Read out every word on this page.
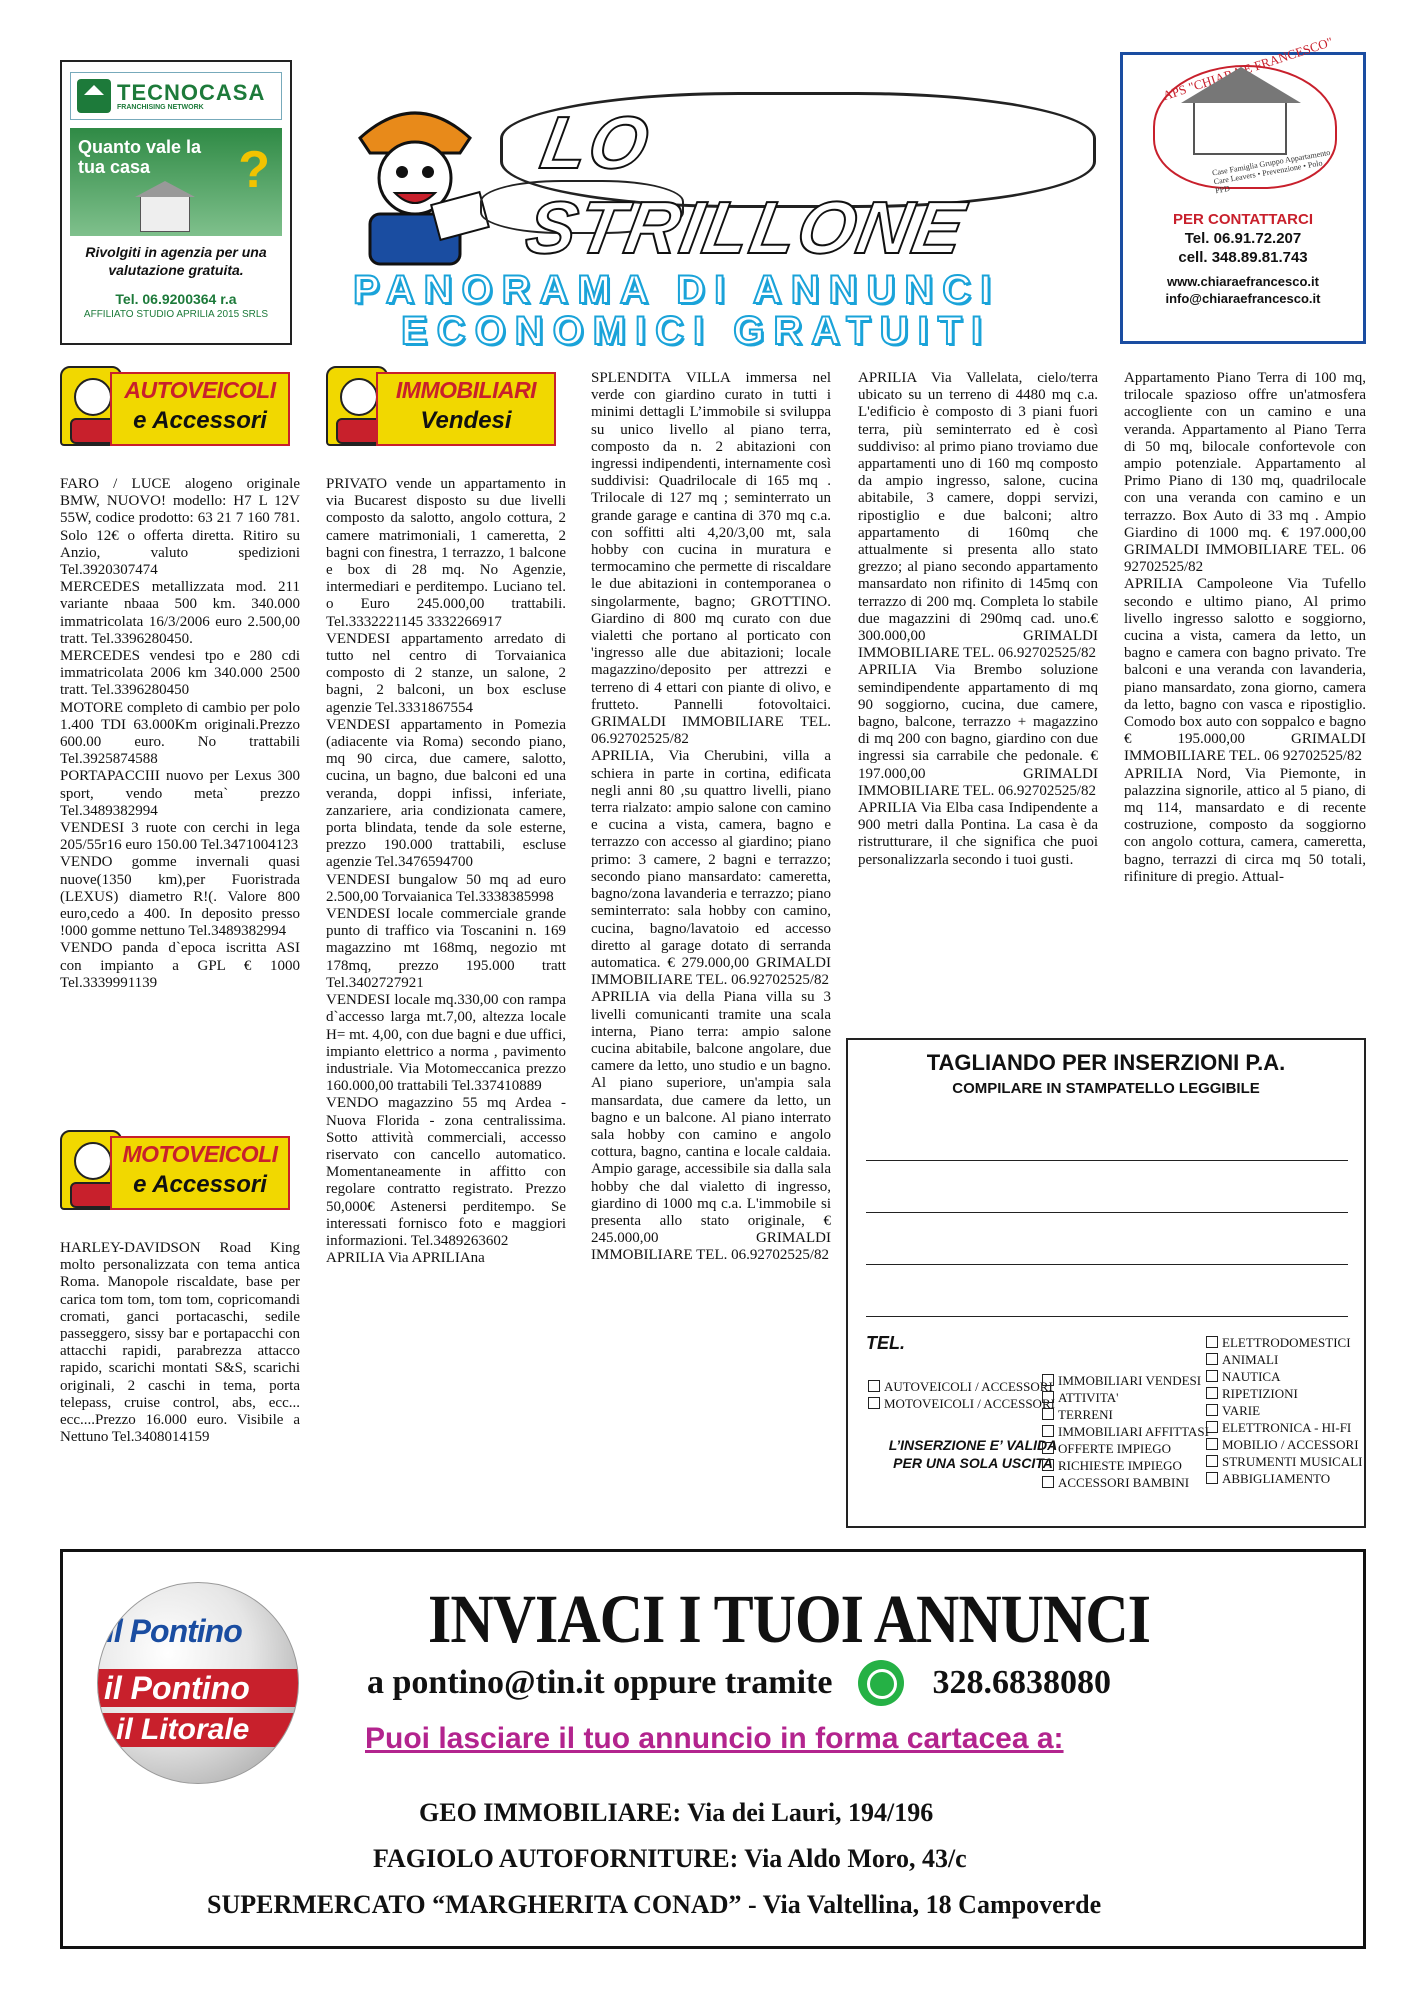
TECNOCASA
FRANCHISING NETWORK
Quanto vale la tua casa	?
Rivolgiti in agenzia per una valutazione gratuita.
Tel. 06.9200364 r.a
AFFILIATO STUDIO APRILIA 2015 SRLS
LO STRILLONE
PANORAMA DI ANNUNCI
ECONOMICI GRATUITI
APS "CHIARA E FRANCESCO"
Case Famiglia Gruppo Appartamento Care Leavers • Prevenzione • Polo PPD
PER CONTATTARCI
Tel. 06.91.72.207
cell. 348.89.81.743
www.chiaraefrancesco.it
info@chiaraefrancesco.it
AUTOVEICOLI
e Accessori
IMMOBILIARI
Vendesi
MOTOVEICOLI
e Accessori

FARO / LUCE alogeno originale BMW, NUOVO! modello: H7 L 12V 55W, codice prodotto: 63 21 7 160 781. Solo 12€ o offerta diretta. Ritiro su Anzio, valuto spedizioni Tel.3920307474

MERCEDES metallizzata mod. 211 variante nbaaa 500 km. 340.000 immatricolata 16/3/2006 euro 2.500,00 tratt. Tel.3396280450.

MERCEDES vendesi tpo e 280 cdi immatricolata 2006 km 340.000 2500 tratt. Tel.3396280450

MOTORE completo di cambio per polo 1.400 TDI 63.000Km originali.Prezzo 600.00 euro. No trattabili Tel.3925874588

PORTAPACCIII nuovo per Lexus 300 sport, vendo meta` prezzo Tel.3489382994

VENDESI 3 ruote con cerchi in lega 205/55r16 euro 150.00 Tel.3471004123

VENDO gomme invernali quasi nuove(1350 km),per Fuoristrada (LEXUS) diametro R!(. Valore 800 euro,cedo a 400. In deposito presso !000 gomme nettuno Tel.3489382994

VENDO panda d`epoca iscritta ASI con impianto a GPL € 1000 Tel.3339991139

HARLEY-DAVIDSON Road King molto personalizzata con tema antica Roma. Manopole riscaldate, base per carica tom tom, tom tom, copricomandi cromati, ganci portacaschi, sedile passeggero, sissy bar e portapacchi con attacchi rapidi, parabrezza attacco rapido, scarichi montati S&S, scarichi originali, 2 caschi in tema, porta telepass, cruise control, abs, ecc... ecc....Prezzo 16.000 euro. Visibile a Nettuno Tel.3408014159

PRIVATO vende un appartamento in via Bucarest disposto su due livelli composto da salotto, angolo cottura, 2 camere matrimoniali, 1 cameretta, 2 bagni con finestra, 1 terrazzo, 1 balcone e box di 28 mq. No Agenzie, intermediari e perditempo. Luciano tel. o Euro 245.000,00 trattabili. Tel.3332221145 3332266917

VENDESI appartamento arredato di tutto nel centro di Torvaianica composto di 2 stanze, un salone, 2 bagni, 2 balconi, un box escluse agenzie Tel.3331867554

VENDESI appartamento in Pomezia (adiacente via Roma) secondo piano, mq 90 circa, due camere, salotto, cucina, un bagno, due balconi ed una veranda, doppi infissi, inferiate, zanzariere, aria condizionata camere, porta blindata, tende da sole esterne, prezzo 190.000 trattabili, escluse agenzie Tel.3476594700

VENDESI bungalow 50 mq ad euro 2.500,00 Torvaianica Tel.3338385998

VENDESI locale commerciale grande punto di traffico via Toscanini n. 169 magazzino mt 168mq, negozio mt 178mq, prezzo 195.000 tratt Tel.3402727921

VENDESI locale mq.330,00 con rampa d`accesso larga mt.7,00, altezza locale H= mt. 4,00, con due bagni e due uffici, impianto elettrico a norma , pavimento industriale. Via Motomeccanica prezzo 160.000,00 trattabili Tel.337410889

VENDO magazzino 55 mq Ardea - Nuova Florida - zona centralissima. Sotto attività commerciali, accesso riservato con cancello automatico. Momentaneamente in affitto con regolare contratto registrato. Prezzo 50,000€ Astenersi perditempo. Se interessati fornisco foto e maggiori informazioni. Tel.3489263602

APRILIA Via APRILIAna

SPLENDITA VILLA immersa nel verde con giardino curato in tutti i minimi dettagli L’immobile si sviluppa su unico livello al piano terra, composto da n. 2 abitazioni con ingressi indipendenti, internamente così suddivisi: Quadrilocale di 165 mq . Trilocale di 127 mq ; seminterrato un grande garage e cantina di 370 mq c.a. con soffitti alti 4,20/3,00 mt, sala hobby con cucina in muratura e termocamino che permette di riscaldare le due abitazioni in contemporanea o singolarmente, bagno; GROTTINO. Giardino di 800 mq curato con due vialetti che portano al porticato con 'ingresso alle due abitazioni; locale magazzino/deposito per attrezzi e terreno di 4 ettari con piante di olivo, e frutteto. Pannelli fotovoltaici. GRIMALDI IMMOBILIARE TEL. 06.92702525/82

APRILIA, Via Cherubini, villa a schiera in parte in cortina, edificata negli anni 80 ,su quattro livelli, piano terra rialzato: ampio salone con camino e cucina a vista, camera, bagno e terrazzo con accesso al giardino; piano primo: 3 camere, 2 bagni e terrazzo; secondo piano mansardato: cameretta, bagno/zona lavanderia e terrazzo; piano seminterrato: sala hobby con camino, cucina, bagno/lavatoio ed accesso diretto al garage dotato di serranda automatica. € 279.000,00 GRIMALDI IMMOBILIARE TEL. 06.92702525/82

APRILIA via della Piana villa su 3 livelli comunicanti tramite una scala interna, Piano terra: ampio salone cucina abitabile, balcone angolare, due camere da letto, uno studio e un bagno. Al piano superiore, un'ampia sala mansardata, due camere da letto, un bagno e un balcone. Al piano interrato sala hobby con camino e angolo cottura, bagno, cantina e locale caldaia. Ampio garage, accessibile sia dalla sala hobby che dal vialetto di ingresso, giardino di 1000 mq c.a. L'immobile si presenta allo stato originale, € 245.000,00 GRIMALDI IMMOBILIARE TEL. 06.92702525/82

APRILIA Via Vallelata, cielo/terra ubicato su un terreno di 4480 mq c.a. L'edificio è composto di 3 piani fuori terra, più seminterrato ed è così suddiviso: al primo piano troviamo due appartamenti uno di 160 mq composto da ampio ingresso, salone, cucina abitabile, 3 camere, doppi servizi, ripostiglio e due balconi; altro appartamento di 160mq che attualmente si presenta allo stato grezzo; al piano secondo appartamento mansardato non rifinito di 145mq con terrazzo di 200 mq. Completa lo stabile due magazzini di 290mq cad. uno.€ 300.000,00 GRIMALDI IMMOBILIARE TEL. 06.92702525/82

APRILIA Via Brembo soluzione semindipendente appartamento di mq 90 soggiorno, cucina, due camere, bagno, balcone, terrazzo + magazzino di mq 200 con bagno, giardino con due ingressi sia carrabile che pedonale. € 197.000,00 GRIMALDI IMMOBILIARE TEL. 06.92702525/82

APRILIA Via Elba casa Indipendente a 900 metri dalla Pontina. La casa è da ristrutturare, il che significa che puoi personalizzarla secondo i tuoi gusti.

Appartamento Piano Terra di 100 mq, trilocale spazioso offre un'atmosfera accogliente con un camino e una veranda. Appartamento al Piano Terra di 50 mq, bilocale confortevole con ampio potenziale. Appartamento al Primo Piano di 130 mq, quadrilocale con una veranda con camino e un terrazzo. Box Auto di 33 mq . Ampio Giardino di 1000 mq. € 197.000,00 GRIMALDI IMMOBILIARE TEL. 06 92702525/82

APRILIA Campoleone Via Tufello secondo e ultimo piano, Al primo livello ingresso salotto e soggiorno, cucina a vista, camera da letto, un bagno e camera con bagno privato. Tre balconi e una veranda con lavanderia, piano mansardato, zona giorno, camera da letto, bagno con vasca e ripostiglio. Comodo box auto con soppalco e bagno € 195.000,00 GRIMALDI IMMOBILIARE TEL. 06 92702525/82

APRILIA Nord, Via Piemonte, in palazzina signorile, attico al 5 piano, di mq 114, mansardato e di recente costruzione, composto da soggiorno con angolo cottura, camera, cameretta, bagno, terrazzi di circa mq 50 totali, rifiniture di pregio. Attual-

TAGLIANDO PER INSERZIONI P.A.
COMPILARE IN STAMPATELLO LEGGIBILE
TEL.
AUTOVEICOLI / ACCESSORI
MOTOVEICOLI / ACCESSORI
L’INSERZIONE E’ VALIDA PER UNA SOLA USCITA
IMMOBILIARI VENDESI
ATTIVITA'
TERRENI
IMMOBILIARI AFFITTASI
OFFERTE IMPIEGO
RICHIESTE IMPIEGO
ACCESSORI BAMBINI
ELETTRODOMESTICI
ANIMALI
NAUTICA
RIPETIZIONI
VARIE
ELETTRONICA - HI-FI
MOBILIO / ACCESSORI
STRUMENTI MUSICALI
ABBIGLIAMENTO
il Pontino
il Pontino
il Litorale
INVIACI I TUOI ANNUNCI
a pontino@tin.it oppure tramite	328.6838080
Puoi lasciare il tuo annuncio in forma cartacea a:
GEO IMMOBILIARE: Via dei Lauri, 194/196
FAGIOLO AUTOFORNITURE: Via Aldo Moro, 43/c
SUPERMERCATO “MARGHERITA CONAD” - Via Valtellina, 18 Campoverde
